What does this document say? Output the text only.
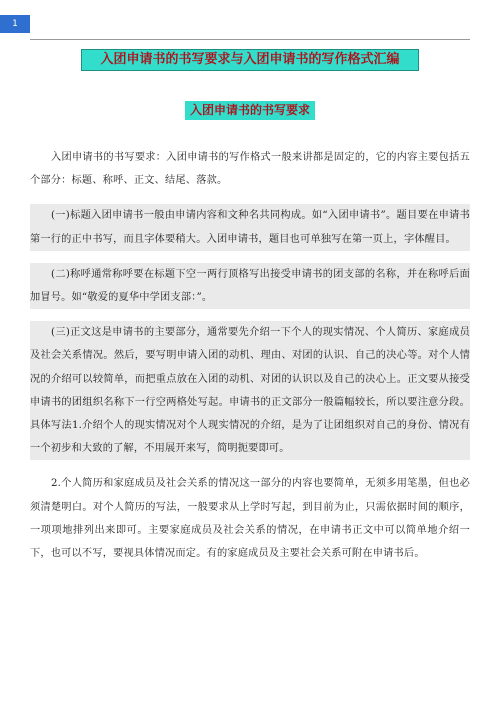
1
入团申请书的书写要求与入团申请书的写作格式汇编
入团申请书的书写要求

入团申请书的书写要求：入团申请书的写作格式一般来讲都是固定的，它的内容主要包括五个部分：标题、称呼、正文、结尾、落款。

(一)标题入团申请书一般由申请内容和文种名共同构成。如“入团申请书”。题目要在申请书第一行的正中书写，而且字体要稍大。入团申请书，题目也可单独写在第一页上，字体醒目。

(二)称呼通常称呼要在标题下空一两行顶格写出接受申请书的团支部的名称，并在称呼后面加冒号。如“敬爱的夏华中学团支部：”。

(三)正文这是申请书的主要部分，通常要先介绍一下个人的现实情况、个人简历、家庭成员及社会关系情况。然后，要写明申请入团的动机、理由、对团的认识、自己的决心等。对个人情况的介绍可以较简单，而把重点放在入团的动机、对团的认识以及自己的决心上。正文要从接受申请书的团组织名称下一行空两格处写起。申请书的正文部分一般篇幅较长，所以要注意分段。具体写法1.介绍个人的现实情况对个人现实情况的介绍，是为了让团组织对自己的身份、情况有一个初步和大致的了解，不用展开来写，简明扼要即可。

2.个人简历和家庭成员及社会关系的情况这一部分的内容也要简单，无须多用笔墨，但也必须清楚明白。对个人简历的写法，一般要求从上学时写起，到目前为止，只需依据时间的顺序，一项项地排列出来即可。主要家庭成员及社会关系的情况，在申请书正文中可以简单地介绍一下，也可以不写，要视具体情况而定。有的家庭成员及主要社会关系可附在申请书后。
